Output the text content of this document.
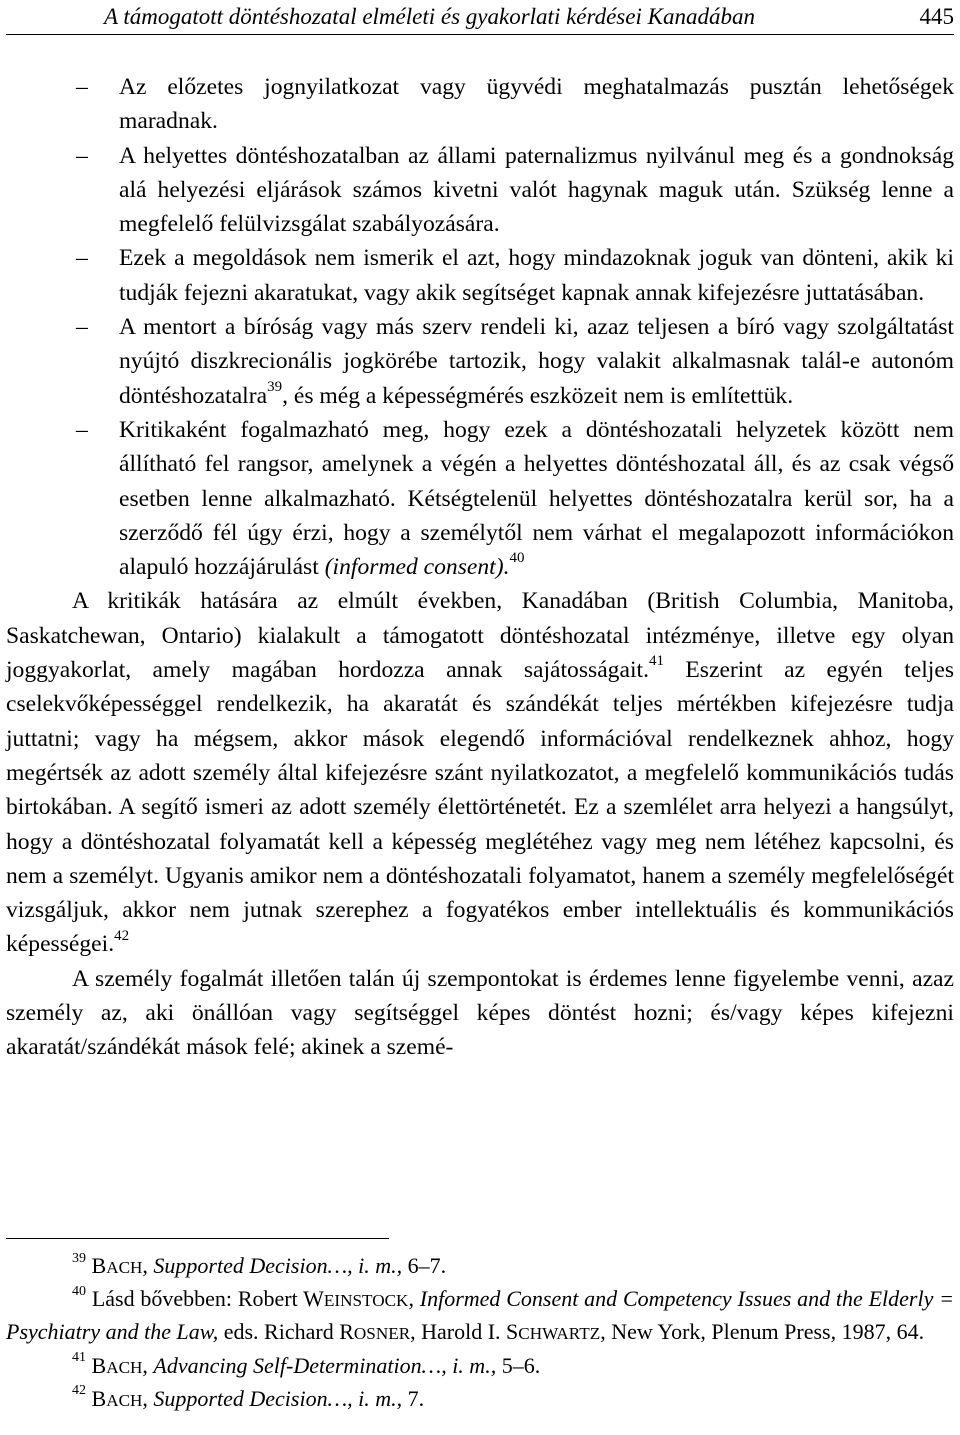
A támogatott döntéshozatal elméleti és gyakorlati kérdései Kanadában	445
– Az előzetes jognyilatkozat vagy ügyvédi meghatalmazás pusztán lehetőségek maradnak.
– A helyettes döntéshozatalban az állami paternalizmus nyilvánul meg és a gondnokság alá helyezési eljárások számos kivetni valót hagynak maguk után. Szükség lenne a megfelelő felülvizsgálat szabályozására.
– Ezek a megoldások nem ismerik el azt, hogy mindazoknak joguk van dönteni, akik ki tudják fejezni akaratukat, vagy akik segítséget kapnak annak kifejezésre juttatásában.
– A mentort a bíróság vagy más szerv rendeli ki, azaz teljesen a bíró vagy szolgáltatást nyújtó diszkrecionális jogkörébe tartozik, hogy valakit alkalmasnak talál-e autonóm döntéshozatalra$^{39}$, és még a képességmérés eszközeit nem is említettük.
– Kritikaként fogalmazható meg, hogy ezek a döntéshozatali helyzetek között nem állítható fel rangsor, amelynek a végén a helyettes döntéshozatal áll, és az csak végső esetben lenne alkalmazható. Kétségtelenül helyettes döntéshozatalra kerül sor, ha a szerződő fél úgy érzi, hogy a személytől nem várhat el megalapozott információkon alapuló hozzájárulást (informed consent).$^{40}$

A kritikák hatására az elmúlt években, Kanadában (British Columbia, Manitoba, Saskatchewan, Ontario) kialakult a támogatott döntéshozatal intézménye, illetve egy olyan joggyakorlat, amely magában hordozza annak sajátosságait.$^{41}$ Eszerint az egyén teljes cselekvőképességgel rendelkezik, ha akaratát és szándékát teljes mértékben kifejezésre tudja juttatni; vagy ha mégsem, akkor mások elegendő információval rendelkeznek ahhoz, hogy megértsék az adott személy által kifejezésre szánt nyilatkozatot, a megfelelő kommunikációs tudás birtokában. A segítő ismeri az adott személy élettörténetét. Ez a szemlélet arra helyezi a hangsúlyt, hogy a döntéshozatal folyamatát kell a képesség meglétéhez vagy meg nem létéhez kapcsolni, és nem a személyt. Ugyanis amikor nem a döntéshozatali folyamatot, hanem a személy megfelelőségét vizsgáljuk, akkor nem jutnak szerephez a fogyatékos ember intellektuális és kommunikációs képességei.$^{42}$

A személy fogalmát illetően talán új szempontokat is érdemes lenne figyelembe venni, azaz személy az, aki önállóan vagy segítséggel képes döntést hozni; és/vagy képes kifejezni akaratát/szándékát mások felé; akinek a szemé-

$^{39}$ BACH, Supported Decision…, i. m., 6–7.

$^{40}$ Lásd bővebben: Robert WEINSTOCK, Informed Consent and Competency Issues and the Elderly = Psychiatry and the Law, eds. Richard ROSNER, Harold I. SCHWARTZ, New York, Plenum Press, 1987, 64.

$^{41}$ BACH, Advancing Self-Determination…, i. m., 5–6.

$^{42}$ BACH, Supported Decision…, i. m., 7.
